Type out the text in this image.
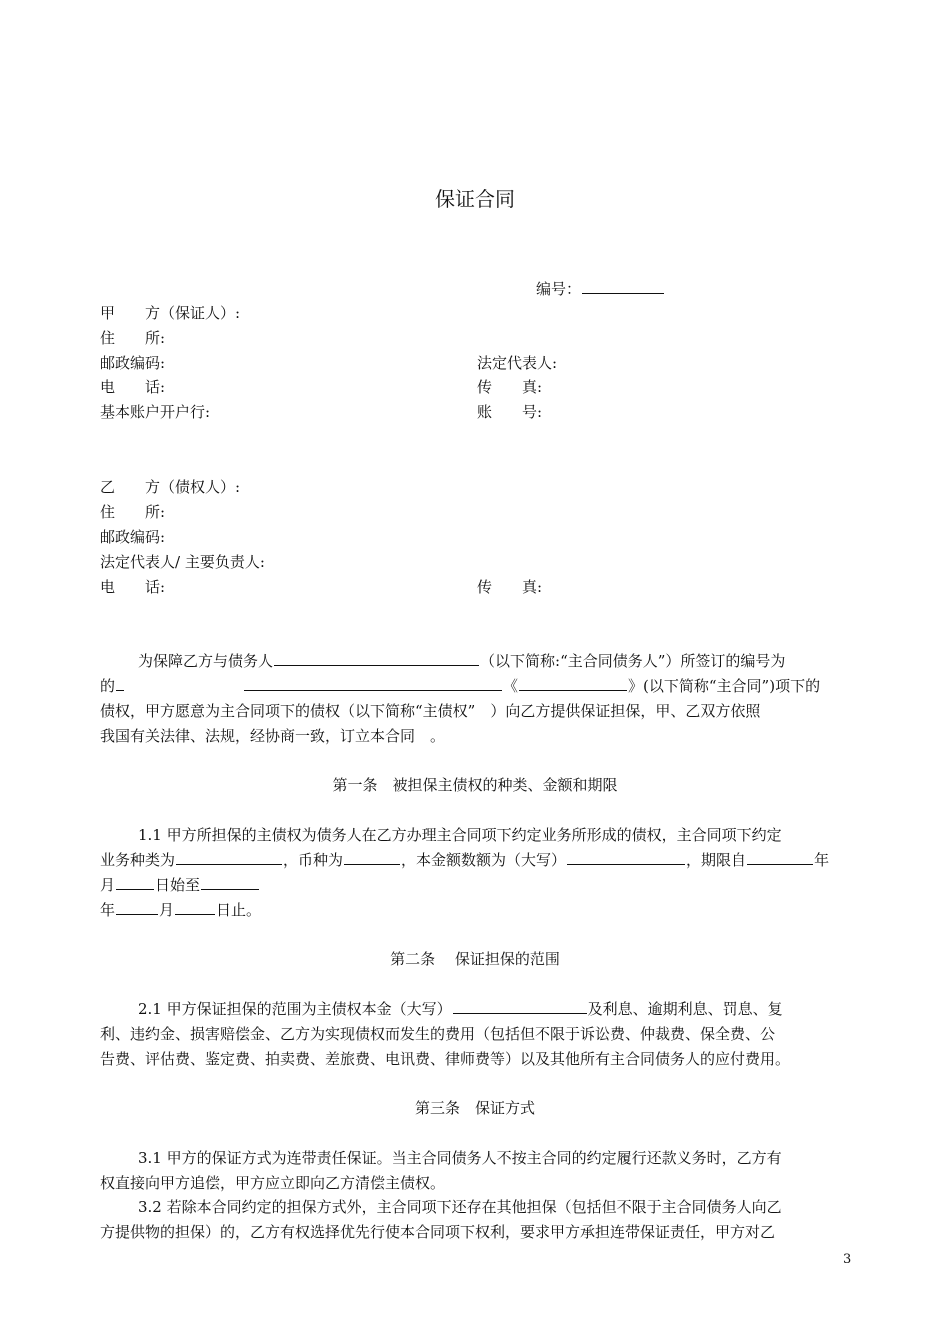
保证合同
编号：
甲　　方（保证人）:
住　　所:
邮政编码:	法定代表人:
电　　话:	传　　真:
基本账户开户行:	账　　号:
乙　　方（债权人）:
住　　所:
邮政编码:
法定代表人/ 主要负责人:
电　　话:	传　　真:
为保障乙方与债务人	（以下简称:“主合同债务人”）所签订的编号为
的	《	》(以下简称“主合同”)项下的
债权，甲方愿意为主合同项下的债权（以下简称“主债权”　）向乙方提供保证担保，甲、乙双方依照
我国有关法律、法规，经协商一致，订立本合同　。
第一条　被担保主债权的种类、金额和期限
1.1 甲方所担保的主债权为债务人在乙方办理主合同项下约定业务所形成的债权，主合同项下约定
业务种类为	，币种为	，本金额数额为（大写）	，期限自	年
月	日始至
年	月	日止。
第二条　 保证担保的范围
2.1 甲方保证担保的范围为主债权本金（大写）	及利息、逾期利息、罚息、复
利、违约金、损害赔偿金、乙方为实现债权而发生的费用（包括但不限于诉讼费、仲裁费、保全费、公
告费、评估费、鉴定费、拍卖费、差旅费、电讯费、律师费等）以及其他所有主合同债务人的应付费用。
第三条　保证方式
3.1 甲方的保证方式为连带责任保证。当主合同债务人不按主合同的约定履行还款义务时，乙方有
权直接向甲方追偿，甲方应立即向乙方清偿主债权。
3.2 若除本合同约定的担保方式外，主合同项下还存在其他担保（包括但不限于主合同债务人向乙
方提供物的担保）的，乙方有权选择优先行使本合同项下权利，要求甲方承担连带保证责任，甲方对乙
3
